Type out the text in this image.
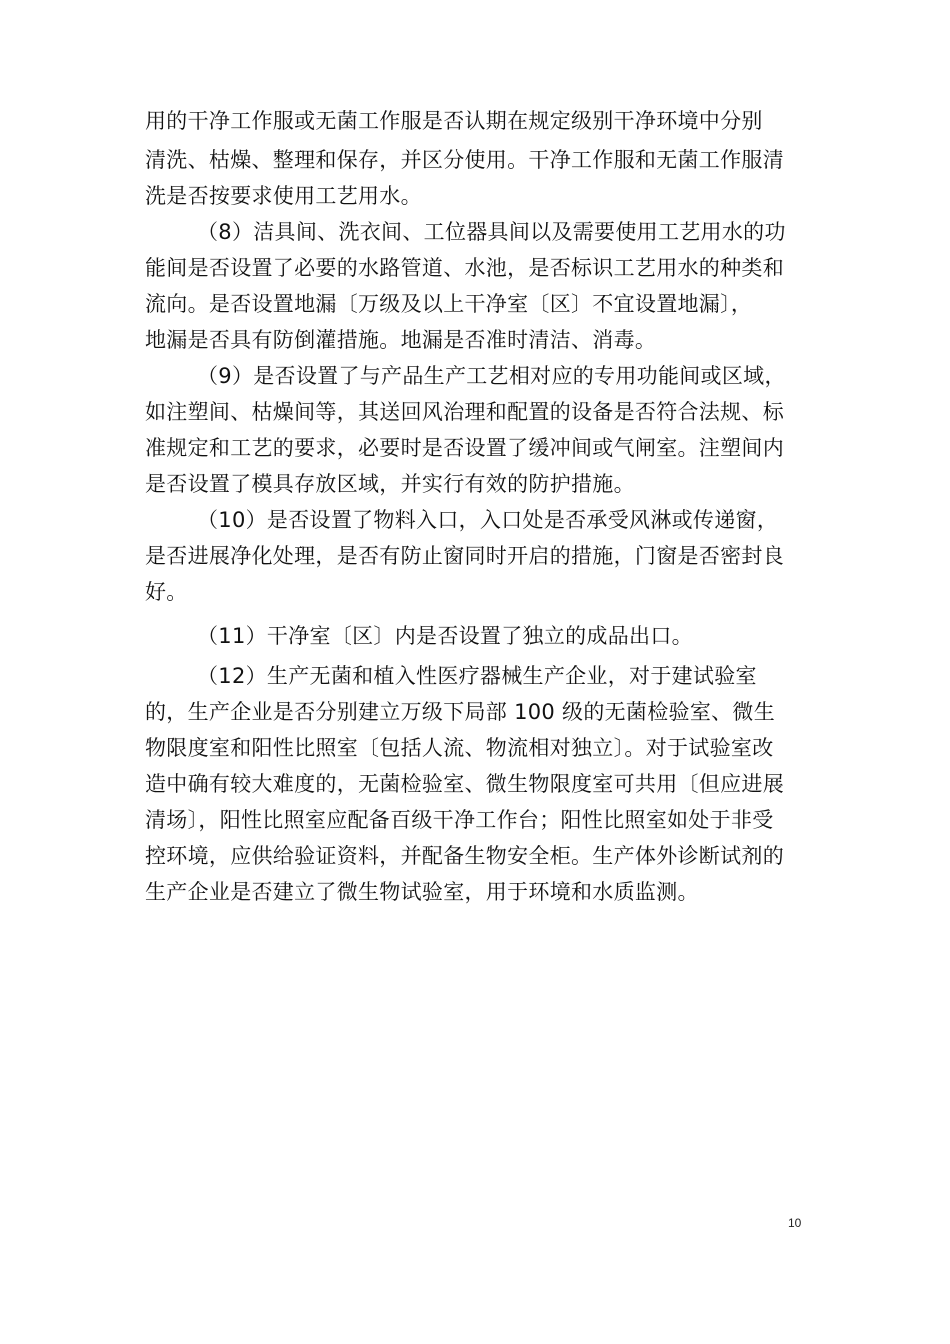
用的干净工作服或无菌工作服是否认期在规定级别干净环境中分别
清洗、枯燥、整理和保存，并区分使用。干净工作服和无菌工作服清
洗是否按要求使用工艺用水。
（8）洁具间、洗衣间、工位器具间以及需要使用工艺用水的功
能间是否设置了必要的水路管道、水池，是否标识工艺用水的种类和
流向。是否设置地漏〔万级及以上干净室〔区〕不宜设置地漏〕，
地漏是否具有防倒灌措施。地漏是否准时清洁、消毒。
（9）是否设置了与产品生产工艺相对应的专用功能间或区域，
如注塑间、枯燥间等，其送回风治理和配置的设备是否符合法规、标
准规定和工艺的要求，必要时是否设置了缓冲间或气闸室。注塑间内
是否设置了模具存放区域，并实行有效的防护措施。
（10）是否设置了物料入口，入口处是否承受风淋或传递窗，
是否进展净化处理，是否有防止窗同时开启的措施，门窗是否密封良
好。
（11）干净室〔区〕内是否设置了独立的成品出口。
（12）生产无菌和植入性医疗器械生产企业，对于建试验室
的，生产企业是否分别建立万级下局部 100 级的无菌检验室、微生
物限度室和阳性比照室〔包括人流、物流相对独立〕。对于试验室改
造中确有较大难度的，无菌检验室、微生物限度室可共用〔但应进展
清场〕，阳性比照室应配备百级干净工作台；阳性比照室如处于非受
控环境，应供给验证资料，并配备生物安全柜。生产体外诊断试剂的
生产企业是否建立了微生物试验室，用于环境和水质监测。
10
